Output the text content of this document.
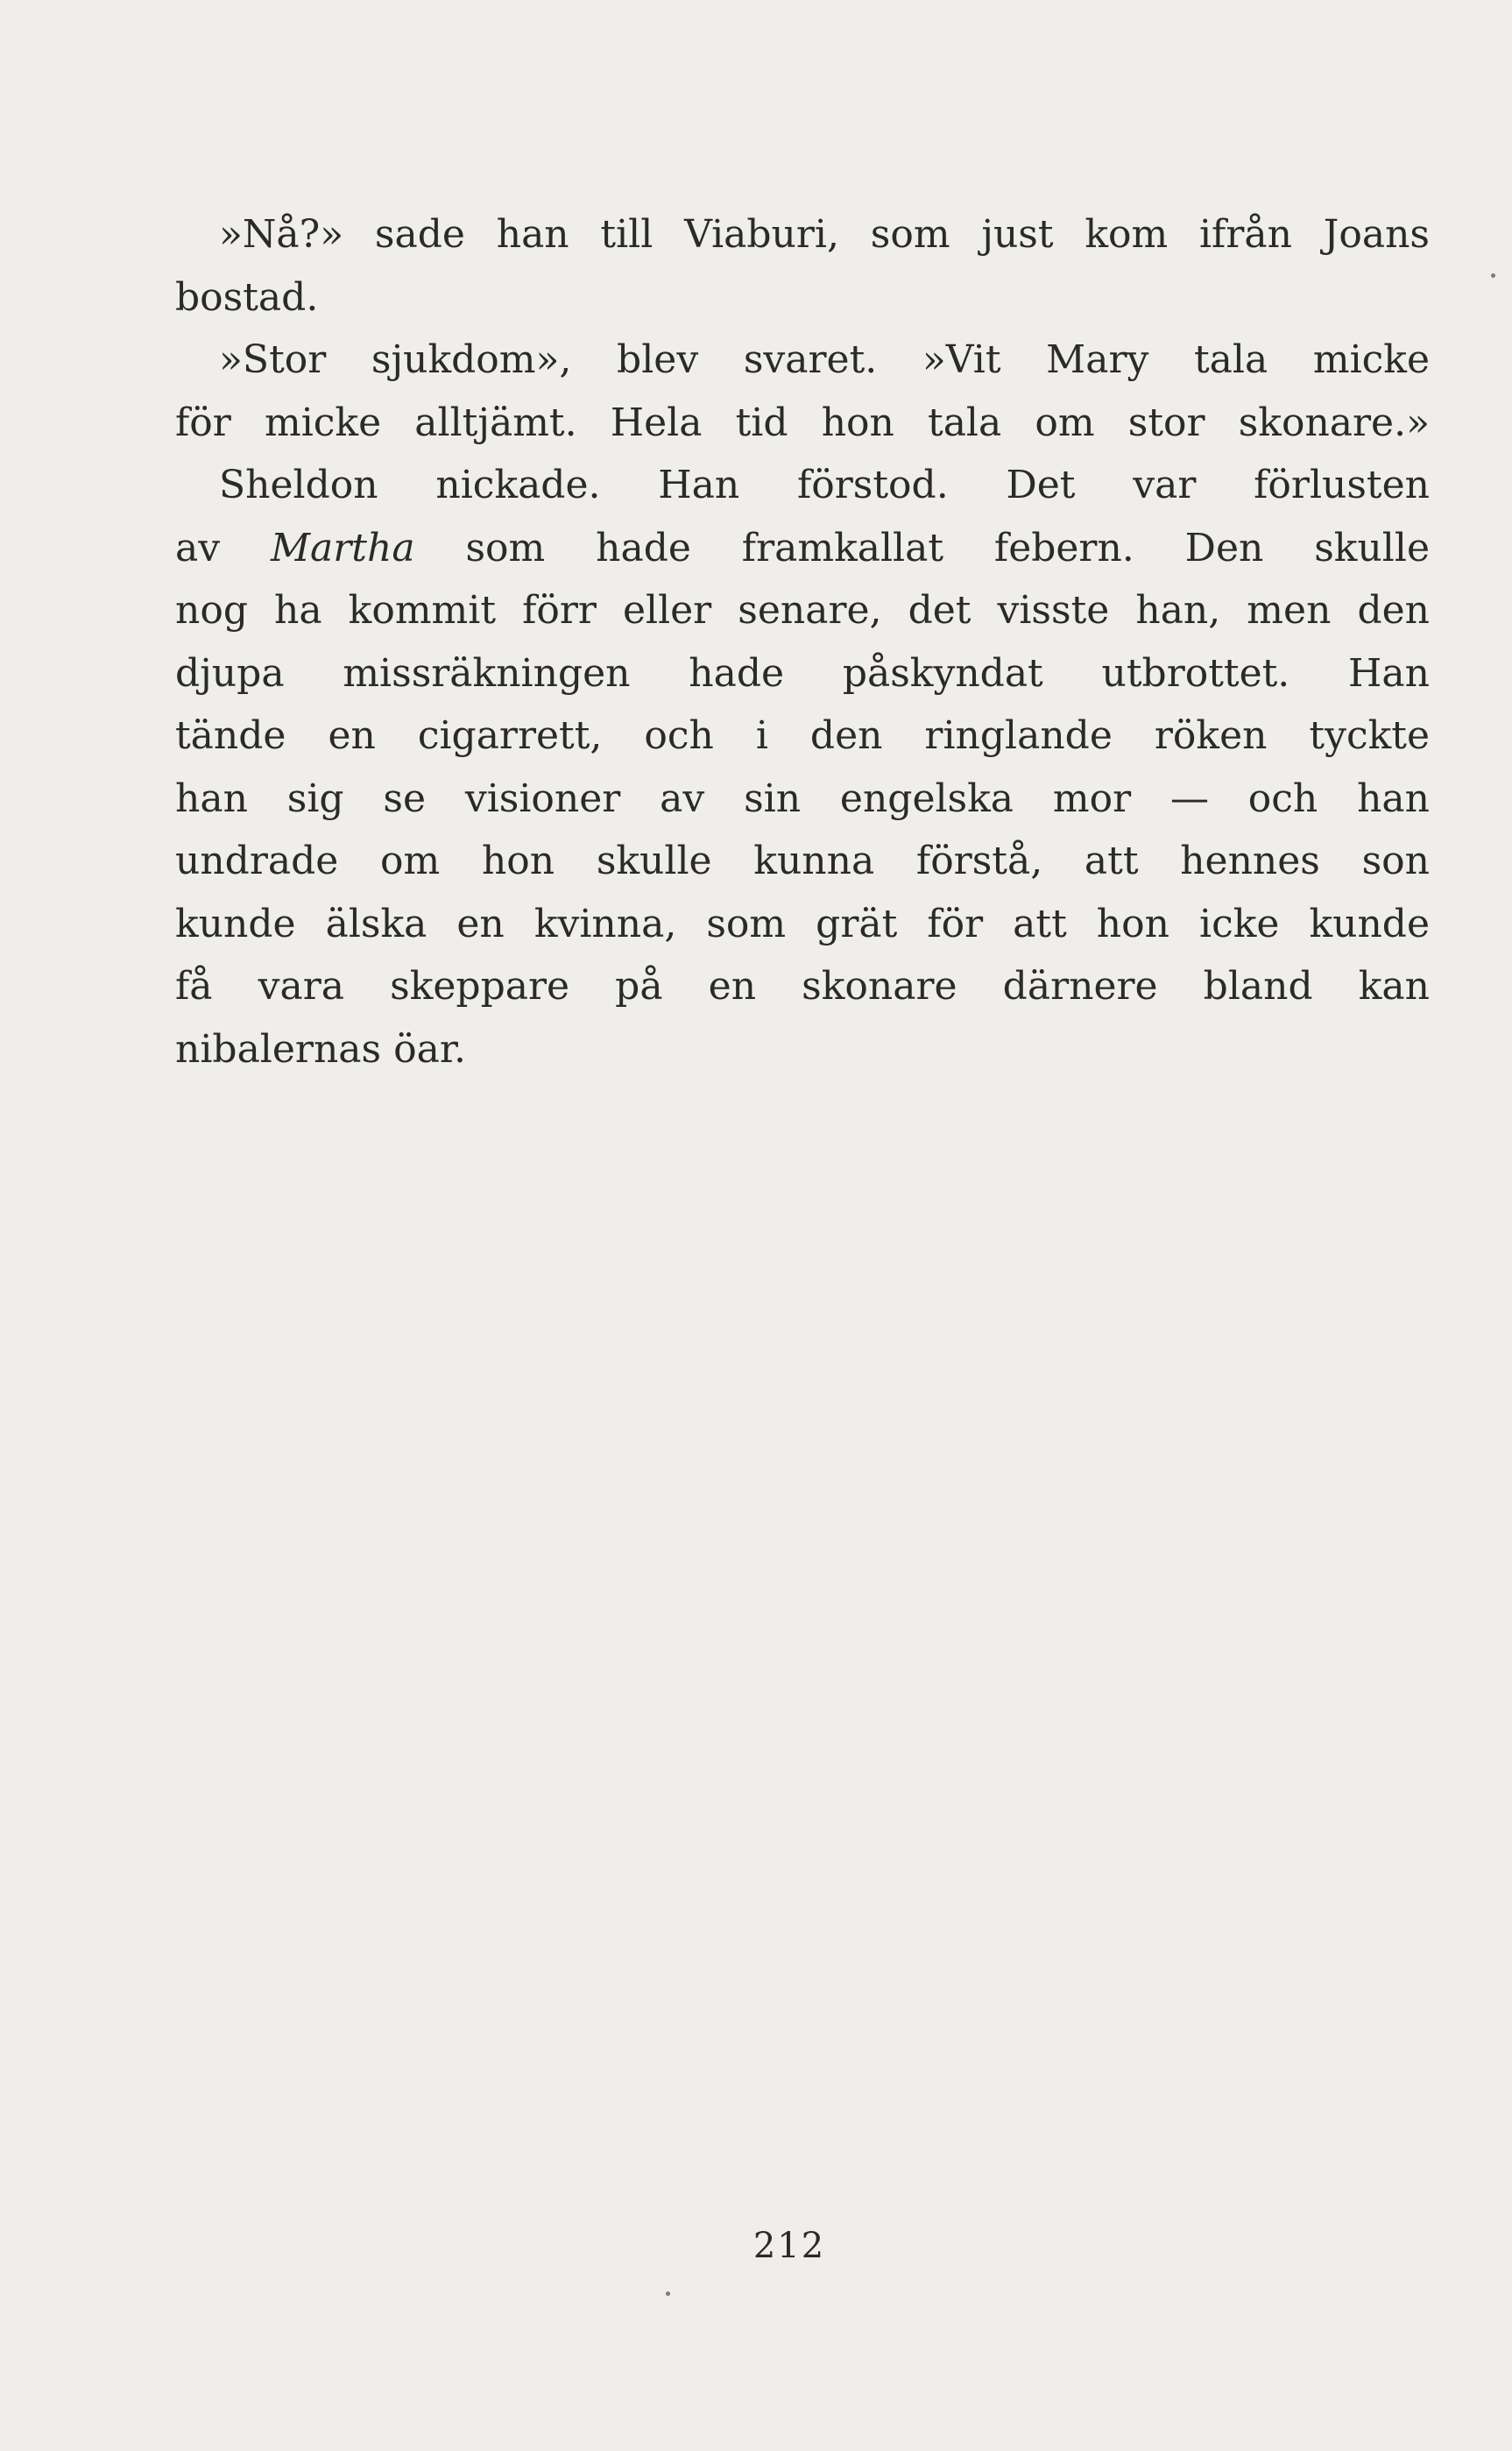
»Nå?» sade han till Viaburi, som just kom ifrån Joans
bostad.
»Stor sjukdom», blev svaret. »Vit Mary tala micke
för micke alltjämt. Hela tid hon tala om stor skonare.»
Sheldon nickade. Han förstod. Det var förlusten
av Martha som hade framkallat febern. Den skulle
nog ha kommit förr eller senare, det visste han, men den
djupa missräkningen hade påskyndat utbrottet. Han
tände en cigarrett, och i den ringlande röken tyckte
han sig se visioner av sin engelska mor — och han
undrade om hon skulle kunna förstå, att hennes son
kunde älska en kvinna, som grät för att hon icke kunde
få vara skeppare på en skonare därnere bland kan
nibalernas öar.
212
